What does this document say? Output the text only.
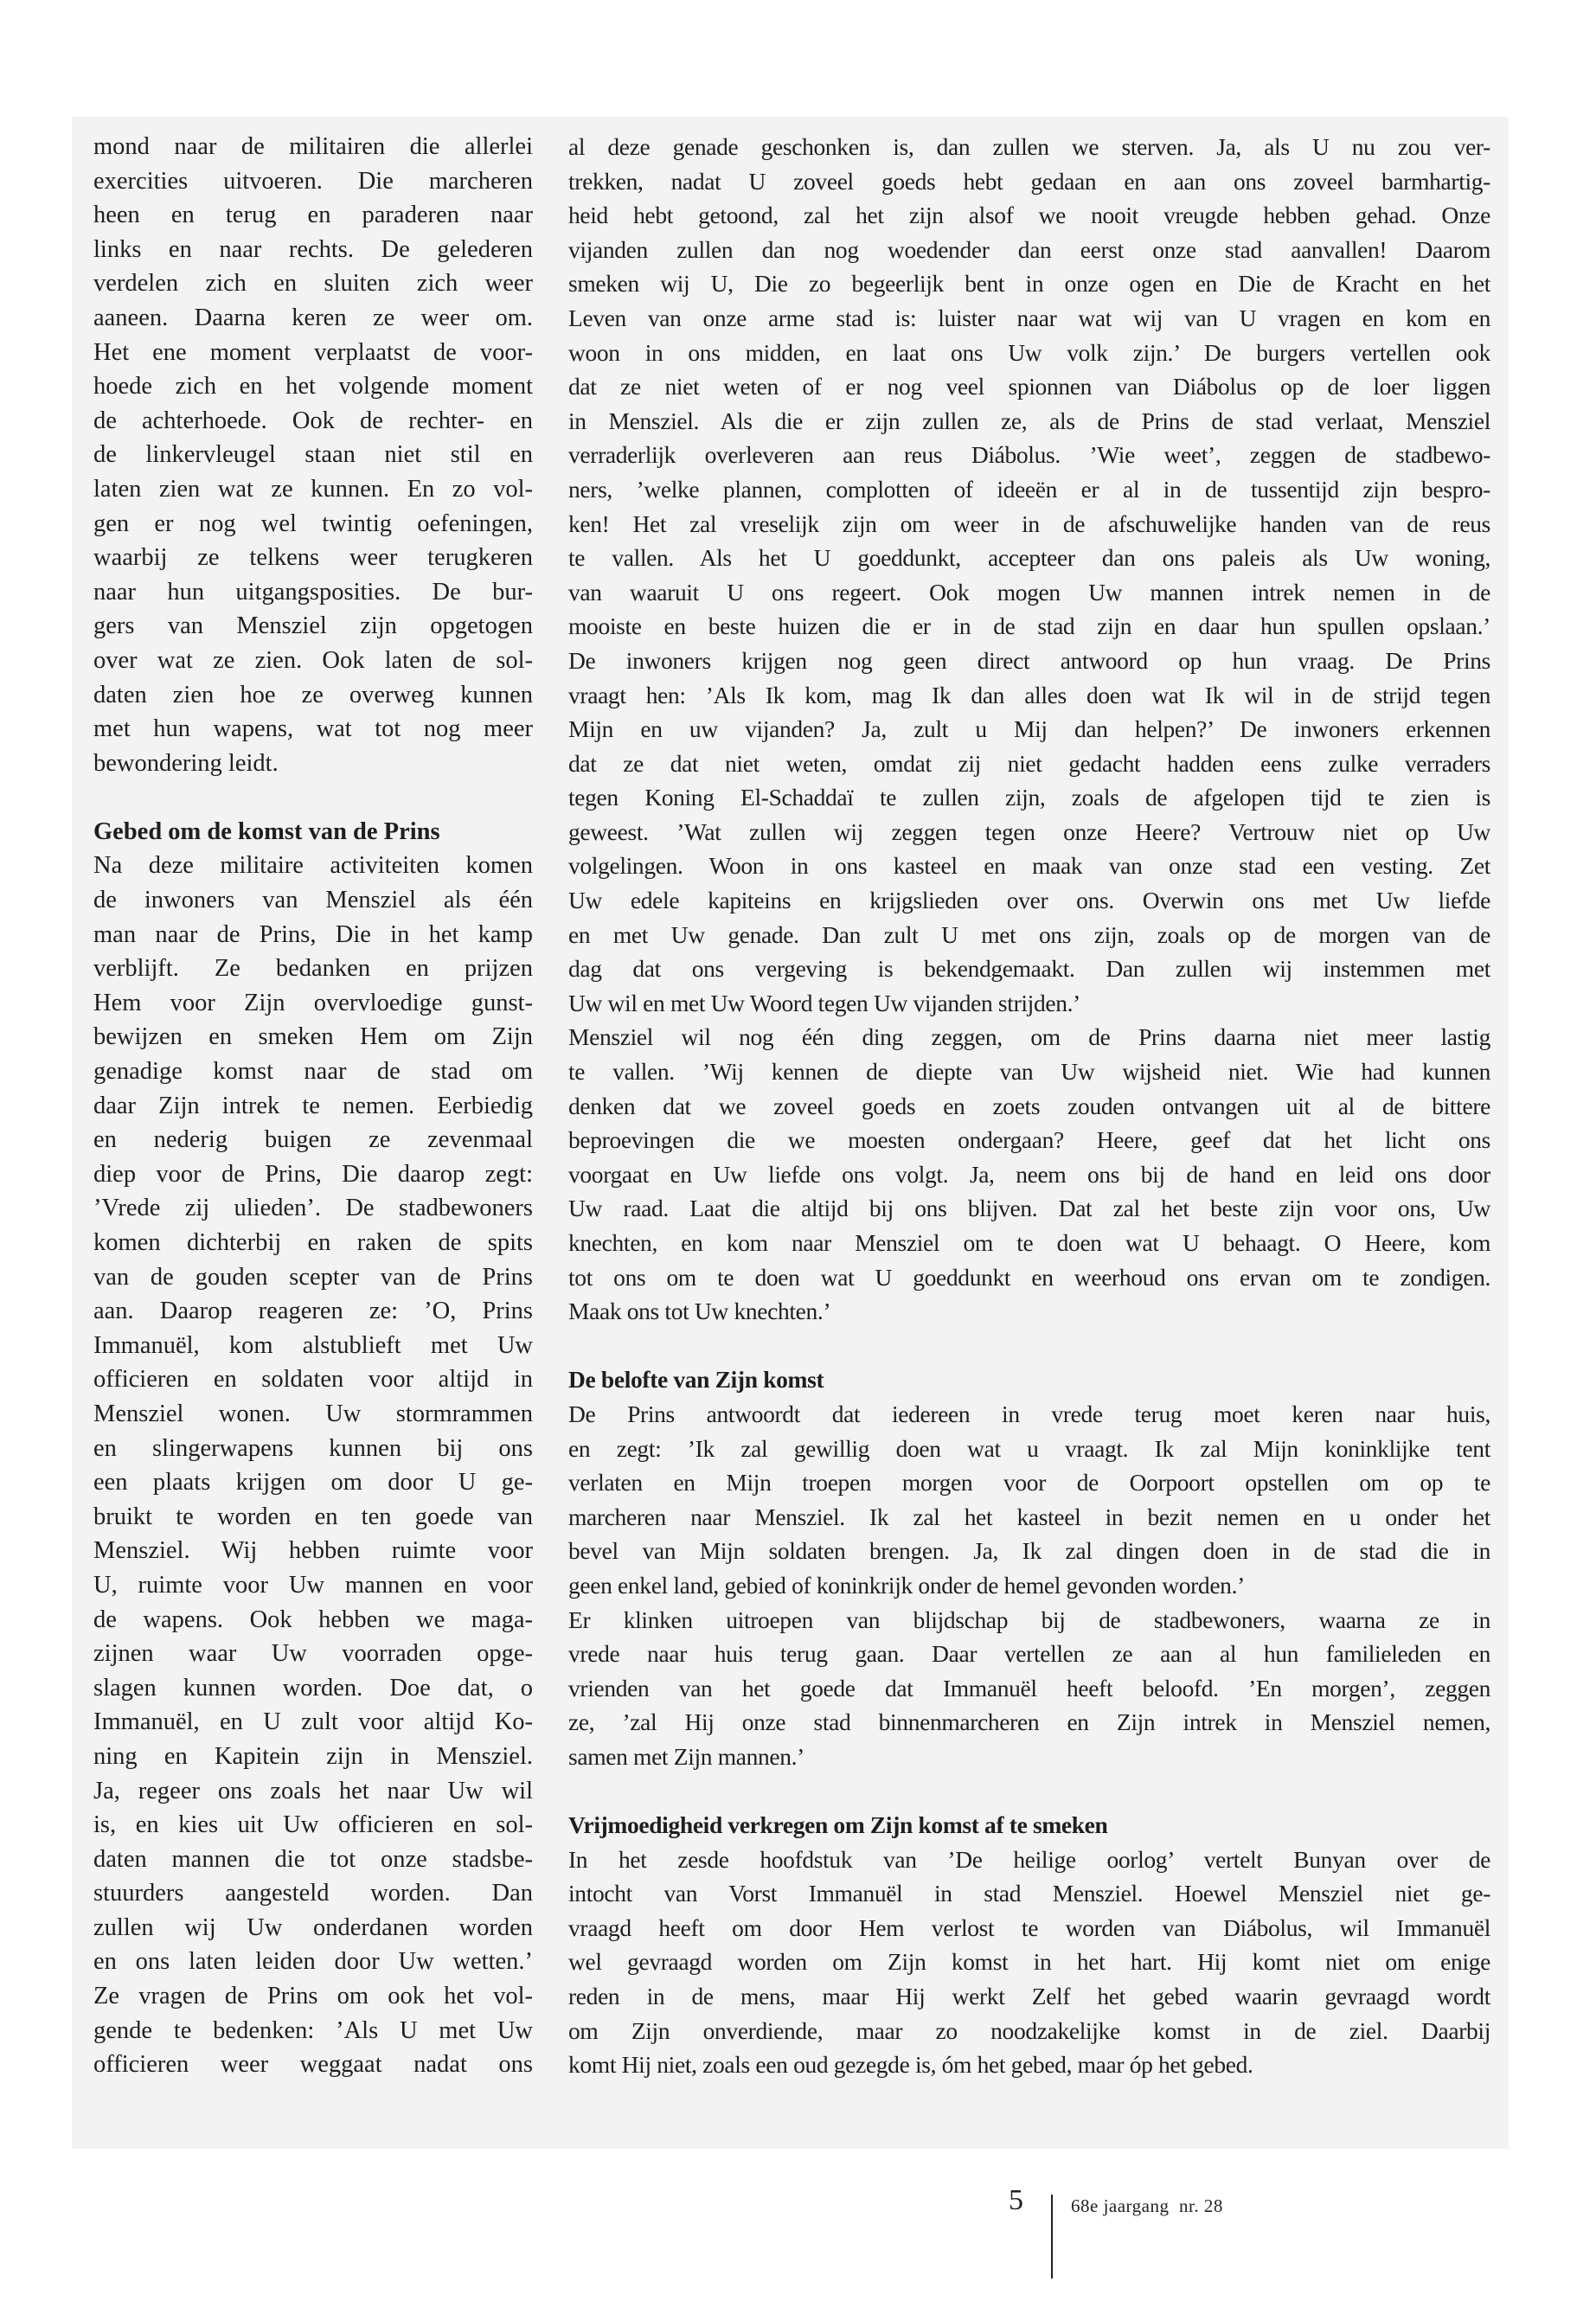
mond naar de militairen die allerlei
exercities uitvoeren. Die marcheren
heen en terug en paraderen naar
links en naar rechts. De gelederen
verdelen zich en sluiten zich weer
aaneen. Daarna keren ze weer om.
Het ene moment verplaatst de voor-
hoede zich en het volgende moment
de achterhoede. Ook de rechter- en
de linkervleugel staan niet stil en
laten zien wat ze kunnen. En zo vol-
gen er nog wel twintig oefeningen,
waarbij ze telkens weer terugkeren
naar hun uitgangsposities. De bur-
gers van Mensziel zijn opgetogen
over wat ze zien. Ook laten de sol-
daten zien hoe ze overweg kunnen
met hun wapens, wat tot nog meer
bewondering leidt.
Gebed om de komst van de Prins
Na deze militaire activiteiten komen
de inwoners van Mensziel als één
man naar de Prins, Die in het kamp
verblijft. Ze bedanken en prijzen
Hem voor Zijn overvloedige gunst-
bewijzen en smeken Hem om Zijn
genadige komst naar de stad om
daar Zijn intrek te nemen. Eerbiedig
en nederig buigen ze zevenmaal
diep voor de Prins, Die daarop zegt:
’Vrede zij ulieden’. De stadbewoners
komen dichterbij en raken de spits
van de gouden scepter van de Prins
aan. Daarop reageren ze: ’O, Prins
Immanuël, kom alstublieft met Uw
officieren en soldaten voor altijd in
Mensziel wonen. Uw stormrammen
en slingerwapens kunnen bij ons
een plaats krijgen om door U ge-
bruikt te worden en ten goede van
Mensziel. Wij hebben ruimte voor
U, ruimte voor Uw mannen en voor
de wapens. Ook hebben we maga-
zijnen waar Uw voorraden opge-
slagen kunnen worden. Doe dat, o
Immanuël, en U zult voor altijd Ko-
ning en Kapitein zijn in Mensziel.
Ja, regeer ons zoals het naar Uw wil
is, en kies uit Uw officieren en sol-
daten mannen die tot onze stadsbe-
stuurders aangesteld worden. Dan
zullen wij Uw onderdanen worden
en ons laten leiden door Uw wetten.’
Ze vragen de Prins om ook het vol-
gende te bedenken: ’Als U met Uw
officieren weer weggaat nadat ons
al deze genade geschonken is, dan zullen we sterven. Ja, als U nu zou ver-
trekken, nadat U zoveel goeds hebt gedaan en aan ons zoveel barmhartig-
heid hebt getoond, zal het zijn alsof we nooit vreugde hebben gehad. Onze
vijanden zullen dan nog woedender dan eerst onze stad aanvallen! Daarom
smeken wij U, Die zo begeerlijk bent in onze ogen en Die de Kracht en het
Leven van onze arme stad is: luister naar wat wij van U vragen en kom en
woon in ons midden, en laat ons Uw volk zijn.’ De burgers vertellen ook
dat ze niet weten of er nog veel spionnen van Diábolus op de loer liggen
in Mensziel. Als die er zijn zullen ze, als de Prins de stad verlaat, Mensziel
verraderlijk overleveren aan reus Diábolus. ’Wie weet’, zeggen de stadbewo-
ners, ’welke plannen, complotten of ideeën er al in de tussentijd zijn bespro-
ken! Het zal vreselijk zijn om weer in de afschuwelijke handen van de reus
te vallen. Als het U goeddunkt, accepteer dan ons paleis als Uw woning,
van waaruit U ons regeert. Ook mogen Uw mannen intrek nemen in de
mooiste en beste huizen die er in de stad zijn en daar hun spullen opslaan.’
De inwoners krijgen nog geen direct antwoord op hun vraag. De Prins
vraagt hen: ’Als Ik kom, mag Ik dan alles doen wat Ik wil in de strijd tegen
Mijn en uw vijanden? Ja, zult u Mij dan helpen?’ De inwoners erkennen
dat ze dat niet weten, omdat zij niet gedacht hadden eens zulke verraders
tegen Koning El-Schaddaï te zullen zijn, zoals de afgelopen tijd te zien is
geweest. ’Wat zullen wij zeggen tegen onze Heere? Vertrouw niet op Uw
volgelingen. Woon in ons kasteel en maak van onze stad een vesting. Zet
Uw edele kapiteins en krijgslieden over ons. Overwin ons met Uw liefde
en met Uw genade. Dan zult U met ons zijn, zoals op de morgen van de
dag dat ons vergeving is bekendgemaakt. Dan zullen wij instemmen met
Uw wil en met Uw Woord tegen Uw vijanden strijden.’
Mensziel wil nog één ding zeggen, om de Prins daarna niet meer lastig
te vallen. ’Wij kennen de diepte van Uw wijsheid niet. Wie had kunnen
denken dat we zoveel goeds en zoets zouden ontvangen uit al de bittere
beproevingen die we moesten ondergaan? Heere, geef dat het licht ons
voorgaat en Uw liefde ons volgt. Ja, neem ons bij de hand en leid ons door
Uw raad. Laat die altijd bij ons blijven. Dat zal het beste zijn voor ons, Uw
knechten, en kom naar Mensziel om te doen wat U behaagt. O Heere, kom
tot ons om te doen wat U goeddunkt en weerhoud ons ervan om te zondigen.
Maak ons tot Uw knechten.’
De belofte van Zijn komst
De Prins antwoordt dat iedereen in vrede terug moet keren naar huis,
en zegt: ’Ik zal gewillig doen wat u vraagt. Ik zal Mijn koninklijke tent
verlaten en Mijn troepen morgen voor de Oorpoort opstellen om op te
marcheren naar Mensziel. Ik zal het kasteel in bezit nemen en u onder het
bevel van Mijn soldaten brengen. Ja, Ik zal dingen doen in de stad die in
geen enkel land, gebied of koninkrijk onder de hemel gevonden worden.’
Er klinken uitroepen van blijdschap bij de stadbewoners, waarna ze in
vrede naar huis terug gaan. Daar vertellen ze aan al hun familieleden en
vrienden van het goede dat Immanuël heeft beloofd. ’En morgen’, zeggen
ze, ’zal Hij onze stad binnenmarcheren en Zijn intrek in Mensziel nemen,
samen met Zijn mannen.’
Vrijmoedigheid verkregen om Zijn komst af te smeken
In het zesde hoofdstuk van ’De heilige oorlog’ vertelt Bunyan over de
intocht van Vorst Immanuël in stad Mensziel. Hoewel Mensziel niet ge-
vraagd heeft om door Hem verlost te worden van Diábolus, wil Immanuël
wel gevraagd worden om Zijn komst in het hart. Hij komt niet om enige
reden in de mens, maar Hij werkt Zelf het gebed waarin gevraagd wordt
om Zijn onverdiende, maar zo noodzakelijke komst in de ziel. Daarbij
komt Hij niet, zoals een oud gezegde is, óm het gebed, maar óp het gebed.
5	68e jaargang  nr. 28
